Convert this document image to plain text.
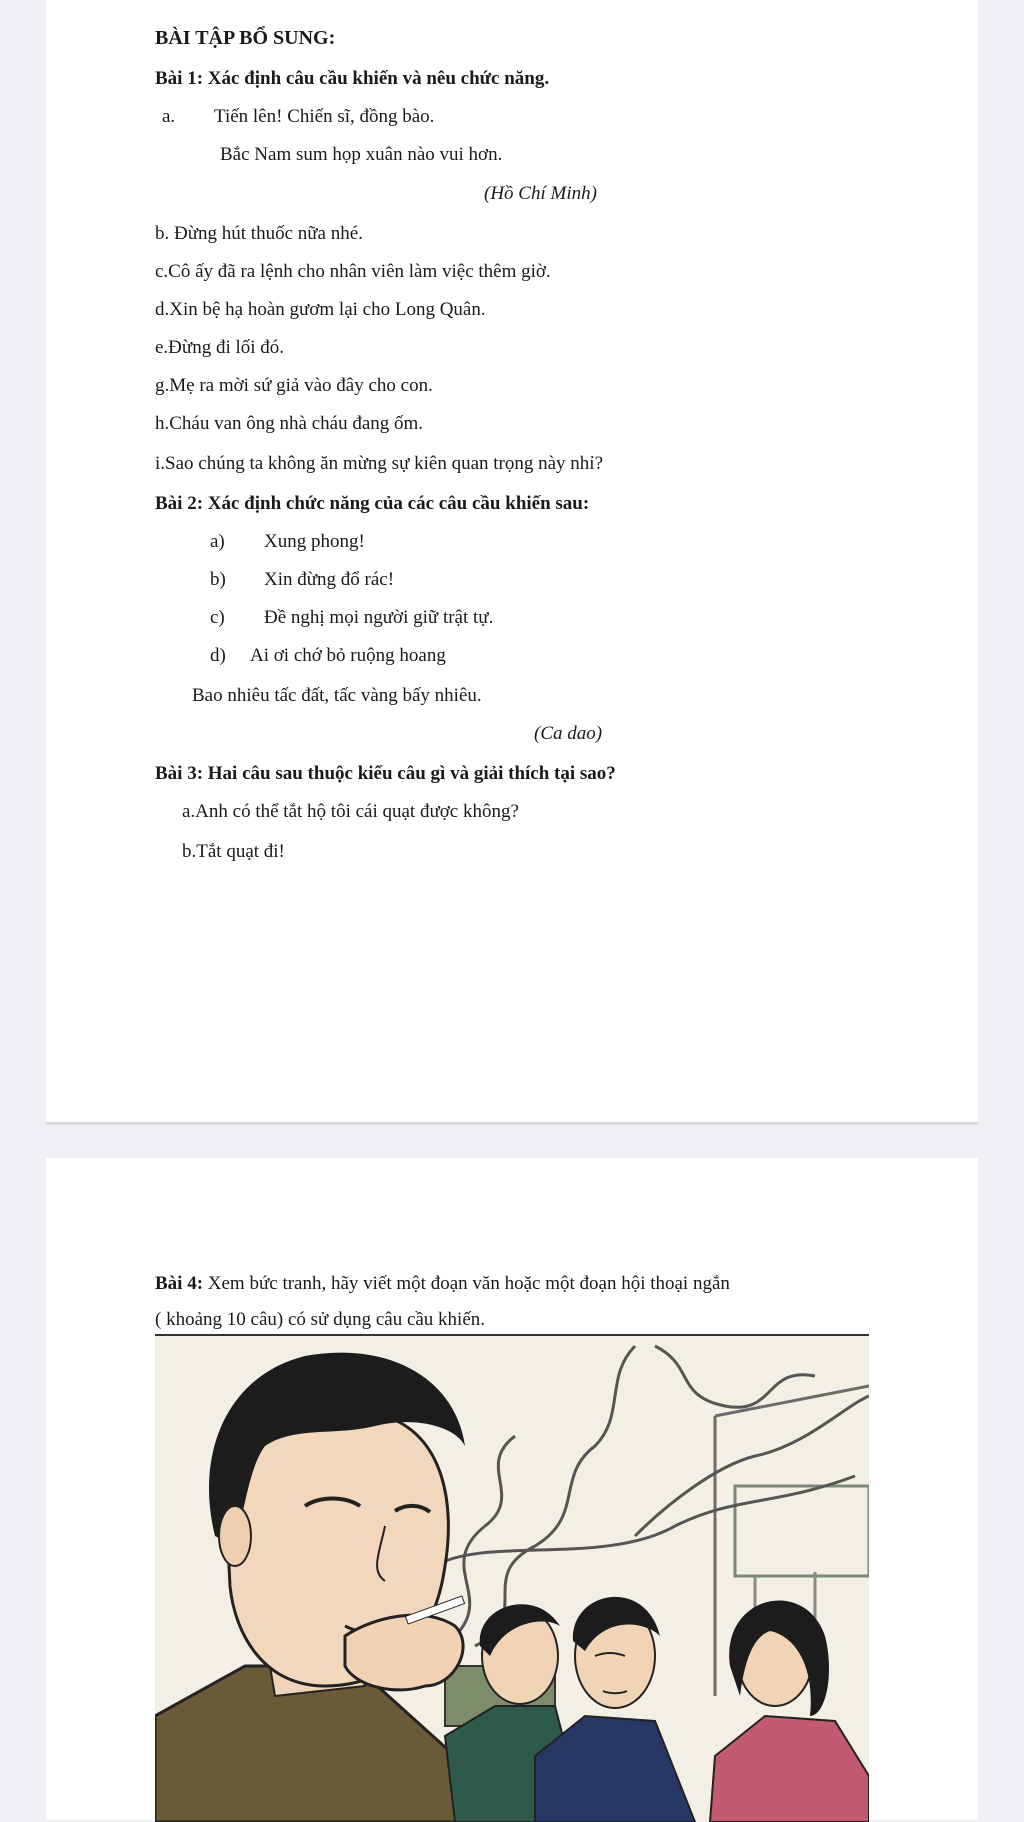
BÀI TẬP BỔ SUNG:
Bài 1: Xác định câu cầu khiến và nêu chức năng.
a. Tiến lên! Chiến sĩ, đồng bào.
Bắc Nam sum họp xuân nào vui hơn.
(Hồ Chí Minh)
b. Đừng hút thuốc nữa nhé.
c.Cô ấy đã ra lệnh cho nhân viên làm việc thêm giờ.
d.Xin bệ hạ hoàn gươm lại cho Long Quân.
e.Đừng đi lối đó.
g.Mẹ ra mời sứ giả vào đây cho con.
h.Cháu van ông nhà cháu đang ốm.
i.Sao chúng ta không ăn mừng sự kiên quan trọng này nhỉ?
Bài 2: Xác định chức năng của các câu cầu khiến sau:
a) Xung phong!
b) Xin đừng đổ rác!
c) Đề nghị mọi người giữ trật tự.
d) Ai ơi chớ bỏ ruộng hoang
Bao nhiêu tấc đất, tấc vàng bấy nhiêu.
(Ca dao)
Bài 3: Hai câu sau thuộc kiểu câu gì và giải thích tại sao?
a.Anh có thể tắt hộ tôi cái quạt được không?
b.Tắt quạt đi!
Bài 4: Xem bức tranh, hãy viết một đoạn văn hoặc một đoạn hội thoại ngắn
( khoảng 10 câu) có sử dụng câu cầu khiến.
